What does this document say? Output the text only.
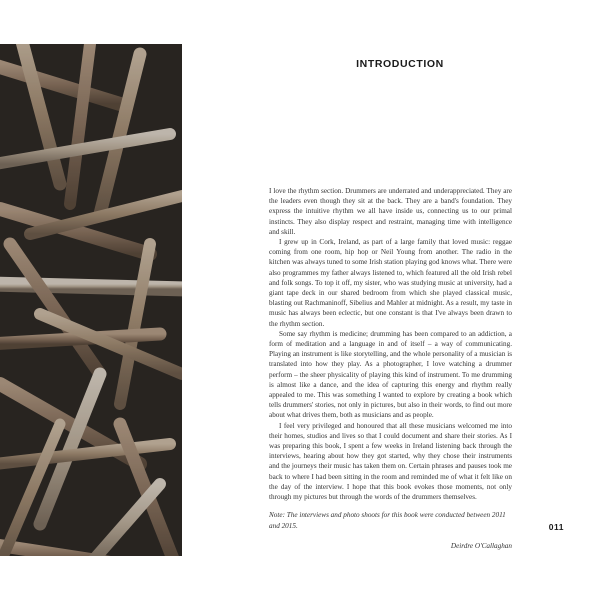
INTRODUCTION

I love the rhythm section. Drummers are underrated and underappreciated. They are the leaders even though they sit at the back. They are a band's foundation. They express the intuitive rhythm we all have inside us, connecting us to our primal instincts. They also display respect and restraint, managing time with intelligence and skill.

I grew up in Cork, Ireland, as part of a large family that loved music: reggae coming from one room, hip hop or Neil Young from another. The radio in the kitchen was always tuned to some Irish station playing god knows what. There were also programmes my father always listened to, which featured all the old Irish rebel and folk songs. To top it off, my sister, who was studying music at university, had a giant tape deck in our shared bedroom from which she played classical music, blasting out Rachmaninoff, Sibelius and Mahler at midnight. As a result, my taste in music has always been eclectic, but one constant is that I've always been drawn to the rhythm section.

Some say rhythm is medicine; drumming has been compared to an addiction, a form of meditation and a language in and of itself – a way of communicating. Playing an instrument is like storytelling, and the whole personality of a musician is translated into how they play. As a photographer, I love watching a drummer perform – the sheer physicality of playing this kind of instrument. To me drumming is almost like a dance, and the idea of capturing this energy and rhythm really appealed to me. This was something I wanted to explore by creating a book which tells drummers' stories, not only in pictures, but also in their words, to find out more about what drives them, both as musicians and as people.

I feel very privileged and honoured that all these musicians welcomed me into their homes, studios and lives so that I could document and share their stories. As I was preparing this book, I spent a few weeks in Ireland listening back through the interviews, hearing about how they got started, why they chose their instruments and the journeys their music has taken them on. Certain phrases and pauses took me back to where I had been sitting in the room and reminded me of what it felt like on the day of the interview. I hope that this book evokes those moments, not only through my pictures but through the words of the drummers themselves.

Note: The interviews and photo shoots for this book were conducted between 2011 and 2015.

Deirdre O'Callaghan

011
